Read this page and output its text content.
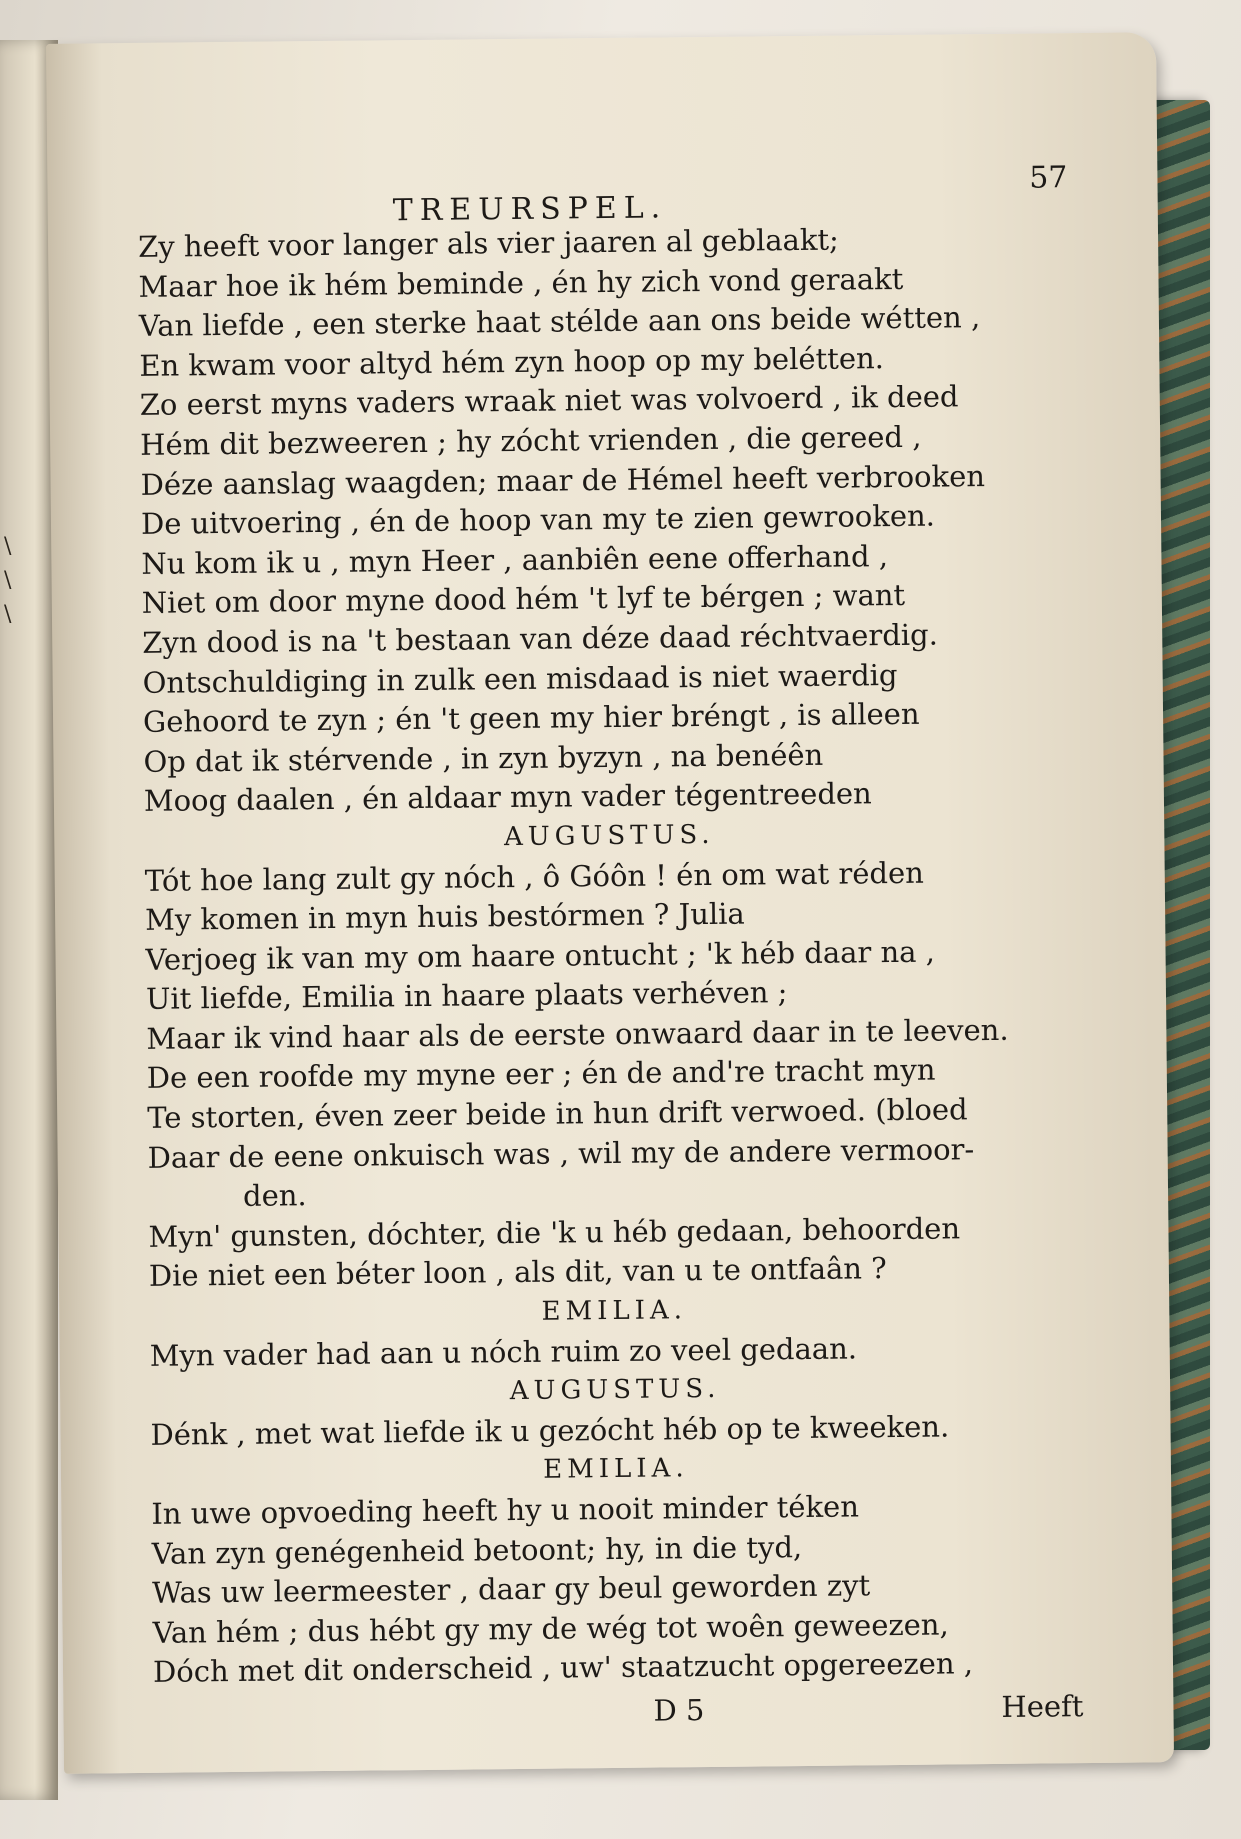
\
\
\
TREURSPEL.
57

Zy heeft voor langer als vier jaaren al geblaakt;

Maar hoe ik hém beminde , én hy zich vond geraakt

Van liefde , een sterke haat stélde aan ons beide wétten ,

En kwam voor altyd hém zyn hoop op my belétten.

Zo eerst myns vaders wraak niet was volvoerd , ik deed

Hém dit bezweeren ; hy zócht vrienden , die gereed ,

Déze aanslag waagden; maar de Hémel heeft verbrooken

De uitvoering , én de hoop van my te zien gewrooken.

Nu kom ik u , myn Heer , aanbiên eene offerhand ,

Niet om door myne dood hém 't lyf te bérgen ; want

Zyn dood is na 't bestaan van déze daad réchtvaerdig.

Ontschuldiging in zulk een misdaad is niet waerdig

Gehoord te zyn ; én 't geen my hier bréngt , is alleen

Op dat ik stérvende , in zyn byzyn , na benéên

Moog daalen , én aldaar myn vader tégentreeden

AUGUSTUS.

Tót hoe lang zult gy nóch , ô Góôn ! én om wat réden

My komen in myn huis bestórmen ? Julia

Verjoeg ik van my om haare ontucht ; 'k héb daar na ,

Uit liefde, Emilia in haare plaats verhéven ;

Maar ik vind haar als de eerste onwaard daar in te leeven.

De een roofde my myne eer ; én de and're tracht myn

Te storten, éven zeer beide in hun drift verwoed. (bloed

Daar de eene onkuisch was , wil my de andere vermoor-

den.

Myn' gunsten, dóchter, die 'k u héb gedaan, behoorden

Die niet een béter loon , als dit, van u te ontfaân ?

EMILIA.

Myn vader had aan u nóch ruim zo veel gedaan.

AUGUSTUS.

Dénk , met wat liefde ik u gezócht héb op te kweeken.

EMILIA.

In uwe opvoeding heeft hy u nooit minder téken

Van zyn genégenheid betoont; hy, in die tyd,

Was uw leermeester , daar gy beul geworden zyt

Van hém ; dus hébt gy my de wég tot woên geweezen,

Dóch met dit onderscheid , uw' staatzucht opgereezen ,

D 5	Heeft
